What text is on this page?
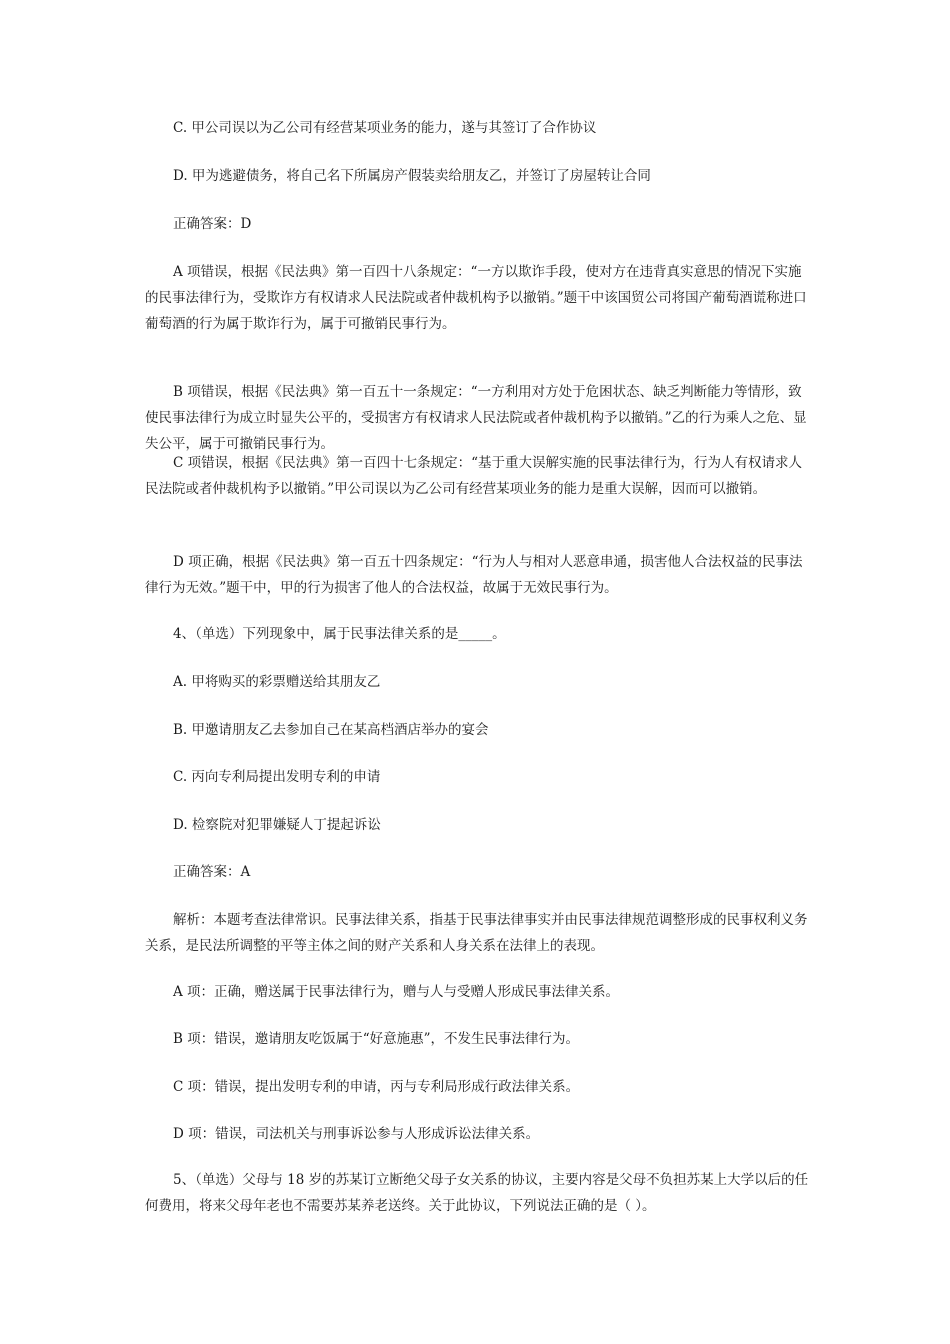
C. 甲公司误以为乙公司有经营某项业务的能力，遂与其签订了合作协议

D. 甲为逃避债务，将自己名下所属房产假装卖给朋友乙，并签订了房屋转让合同

正确答案：D

A 项错误，根据《民法典》第一百四十八条规定：“一方以欺诈手段，使对方在违背真实意思的情况下实施的民事法律行为，受欺诈方有权请求人民法院或者仲裁机构予以撤销。”题干中该国贸公司将国产葡萄酒谎称进口葡萄酒的行为属于欺诈行为，属于可撤销民事行为。

B 项错误，根据《民法典》第一百五十一条规定：“一方利用对方处于危困状态、缺乏判断能力等情形，致使民事法律行为成立时显失公平的，受损害方有权请求人民法院或者仲裁机构予以撤销。”乙的行为乘人之危、显失公平，属于可撤销民事行为。

C 项错误，根据《民法典》第一百四十七条规定：“基于重大误解实施的民事法律行为，行为人有权请求人民法院或者仲裁机构予以撤销。”甲公司误以为乙公司有经营某项业务的能力是重大误解，因而可以撤销。

D 项正确，根据《民法典》第一百五十四条规定：“行为人与相对人恶意串通，损害他人合法权益的民事法律行为无效。”题干中，甲的行为损害了他人的合法权益，故属于无效民事行为。

4、（单选）下列现象中，属于民事法律关系的是_____。

A. 甲将购买的彩票赠送给其朋友乙

B. 甲邀请朋友乙去参加自己在某高档酒店举办的宴会

C. 丙向专利局提出发明专利的申请

D. 检察院对犯罪嫌疑人丁提起诉讼

正确答案：A

解析：本题考查法律常识。民事法律关系，指基于民事法律事实并由民事法律规范调整形成的民事权利义务关系，是民法所调整的平等主体之间的财产关系和人身关系在法律上的表现。

A 项：正确，赠送属于民事法律行为，赠与人与受赠人形成民事法律关系。

B 项：错误，邀请朋友吃饭属于“好意施惠”，不发生民事法律行为。

C 项：错误，提出发明专利的申请，丙与专利局形成行政法律关系。

D 项：错误，司法机关与刑事诉讼参与人形成诉讼法律关系。

5、（单选）父母与 18 岁的苏某订立断绝父母子女关系的协议，主要内容是父母不负担苏某上大学以后的任何费用，将来父母年老也不需要苏某养老送终。关于此协议，下列说法正确的是（ ）。
